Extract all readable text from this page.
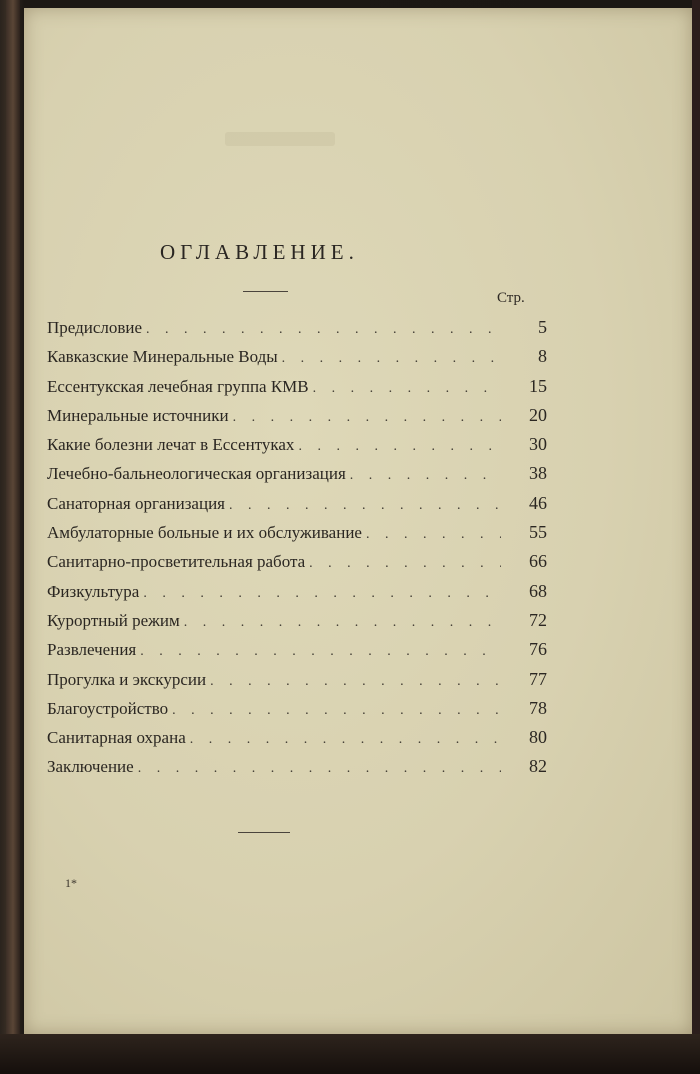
ОГЛАВЛЕНИЕ.
Стр.
Предисловие . . .	5
Кавказские Минеральные Воды . . .	8
Ессентукская лечебная группа КМВ . . .	15
Минеральные источники . . .	20
Какие болезни лечат в Ессентуках . . .	30
Лечебно-бальнеологическая организация . . .	38
Санаторная организация . . .	46
Амбулаторные больные и их обслуживание . . .	55
Санитарно-просветительная работа . . .	66
Физкультура . . .	68
Курортный режим . . .	72
Развлечения . . .	76
Прогулка и экскурсии . . .	77
Благоустройство . . .	78
Санитарная охрана . . .	80
Заключение . . .	82
1*
